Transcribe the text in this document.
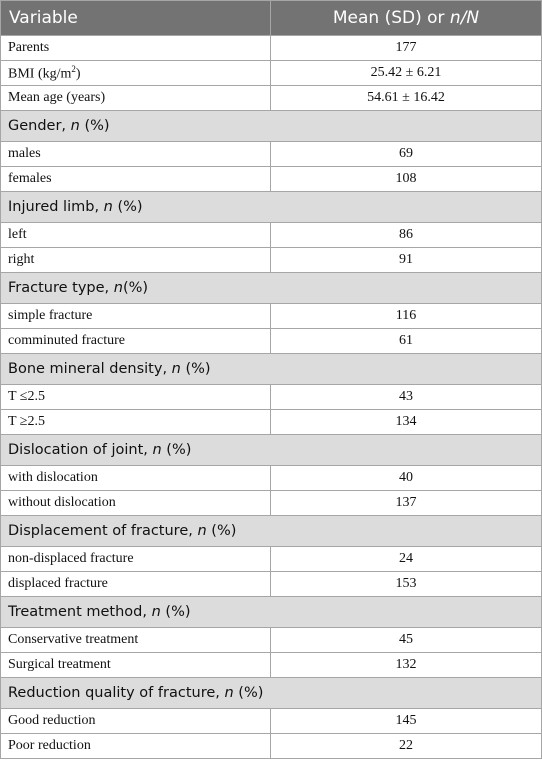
Variable	Mean (SD) or n/N
Parents	177
BMI $(kg/m^2)$	25.42 ± 6.21
Mean age (years)	54.61 ± 16.42
Gender, n (%)	
males	69
females	108
Injured limb, n (%)	
left	86
right	91
Fracture type, n(%)	
simple fracture	116
comminuted fracture	61
Bone mineral density, n (%)	
T ≤2.5	43
T ≥2.5	134
Dislocation of joint, n (%)	
with dislocation	40
without dislocation	137
Displacement of fracture, n (%)	
non-displaced fracture	24
displaced fracture	153
Treatment method, n (%)	
Conservative treatment	45
Surgical treatment	132
Reduction quality of fracture, n (%)	
Good reduction	145
Poor reduction	22
